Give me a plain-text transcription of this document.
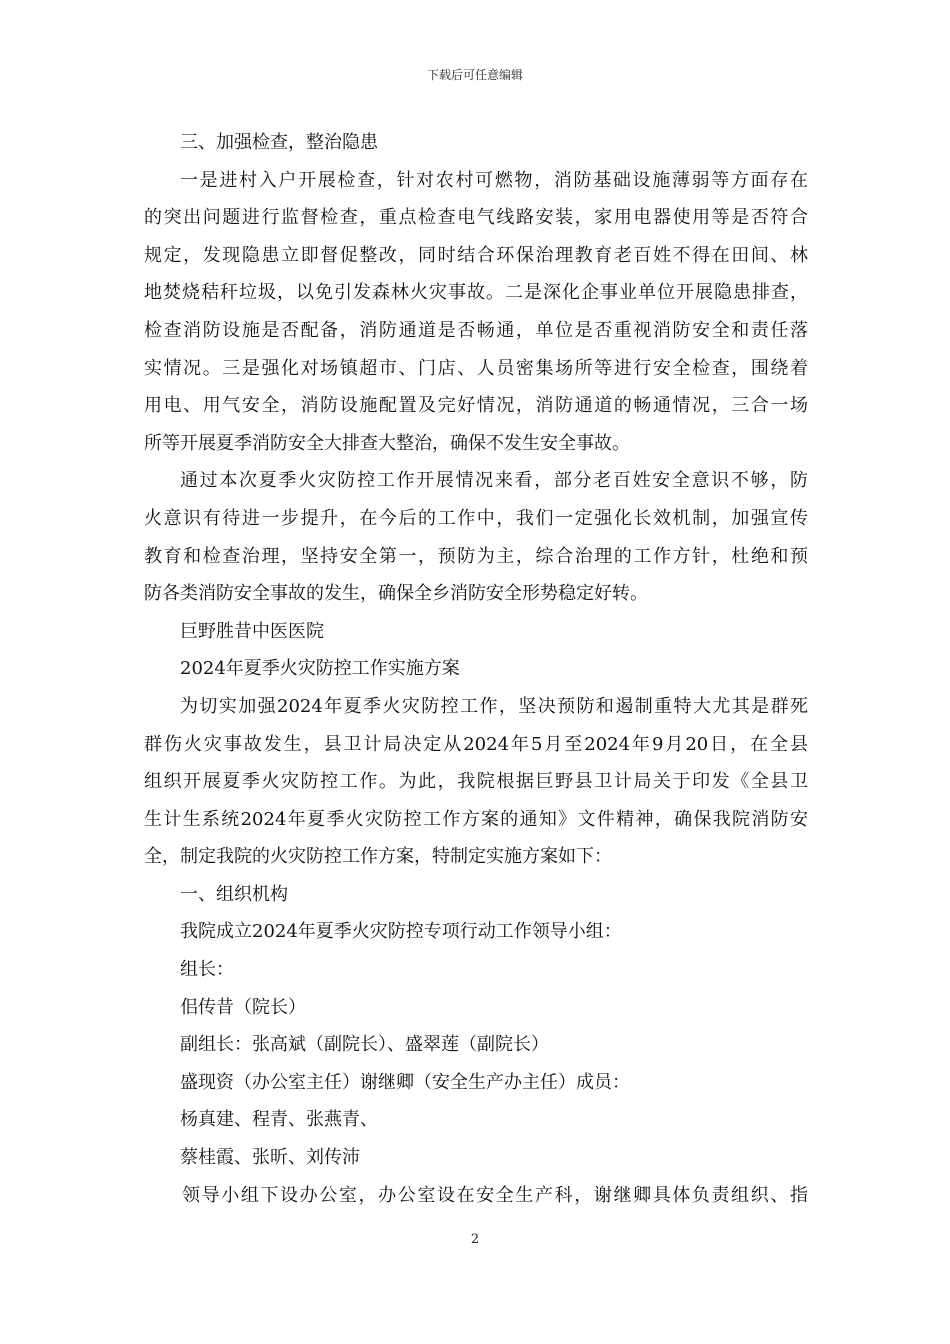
下载后可任意编辑
三、加强检查，整治隐患
一是进村入户开展检查，针对农村可燃物，消防基础设施薄弱等方面存在
的突出问题进行监督检查，重点检查电气线路安装，家用电器使用等是否符合
规定，发现隐患立即督促整改，同时结合环保治理教育老百姓不得在田间、林
地焚烧秸秆垃圾，以免引发森林火灾事故。二是深化企事业单位开展隐患排查，
检查消防设施是否配备，消防通道是否畅通，单位是否重视消防安全和责任落
实情况。三是强化对场镇超市、门店、人员密集场所等进行安全检查，围绕着
用电、用气安全，消防设施配置及完好情况，消防通道的畅通情况，三合一场
所等开展夏季消防安全大排查大整治，确保不发生安全事故。
通过本次夏季火灾防控工作开展情况来看，部分老百姓安全意识不够，防
火意识有待进一步提升，在今后的工作中，我们一定强化长效机制，加强宣传
教育和检查治理，坚持安全第一，预防为主，综合治理的工作方针，杜绝和预
防各类消防安全事故的发生，确保全乡消防安全形势稳定好转。
巨野胜昔中医医院
2024年夏季火灾防控工作实施方案
为切实加强2024年夏季火灾防控工作，坚决预防和遏制重特大尤其是群死
群伤火灾事故发生，县卫计局决定从2024年5月至2024年9月20日，在全县
组织开展夏季火灾防控工作。为此，我院根据巨野县卫计局关于印发《全县卫
生计生系统2024年夏季火灾防控工作方案的通知》文件精神，确保我院消防安
全，制定我院的火灾防控工作方案，特制定实施方案如下：
一、组织机构
我院成立2024年夏季火灾防控专项行动工作领导小组：
组长：
佀传昔（院长）
副组长：张高斌（副院长）、盛翠莲（副院长）
盛现资（办公室主任）谢继卿（安全生产办主任）成员：
杨真建、程青、张燕青、
蔡桂霞、张昕、刘传沛
领导小组下设办公室，办公室设在安全生产科，谢继卿具体负责组织、指
2
